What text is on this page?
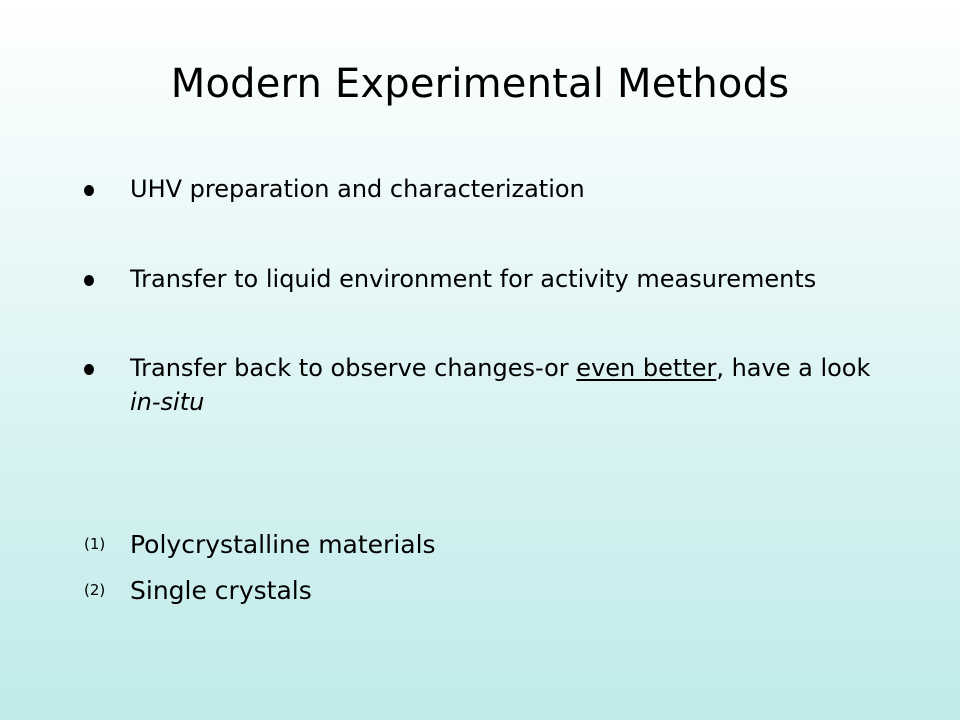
Modern Experimental Methods
UHV preparation and characterization
Transfer to liquid environment for activity measurements
Transfer back to observe changes-or even better, have a look in-situ
(1) Polycrystalline materials
(2) Single crystals
